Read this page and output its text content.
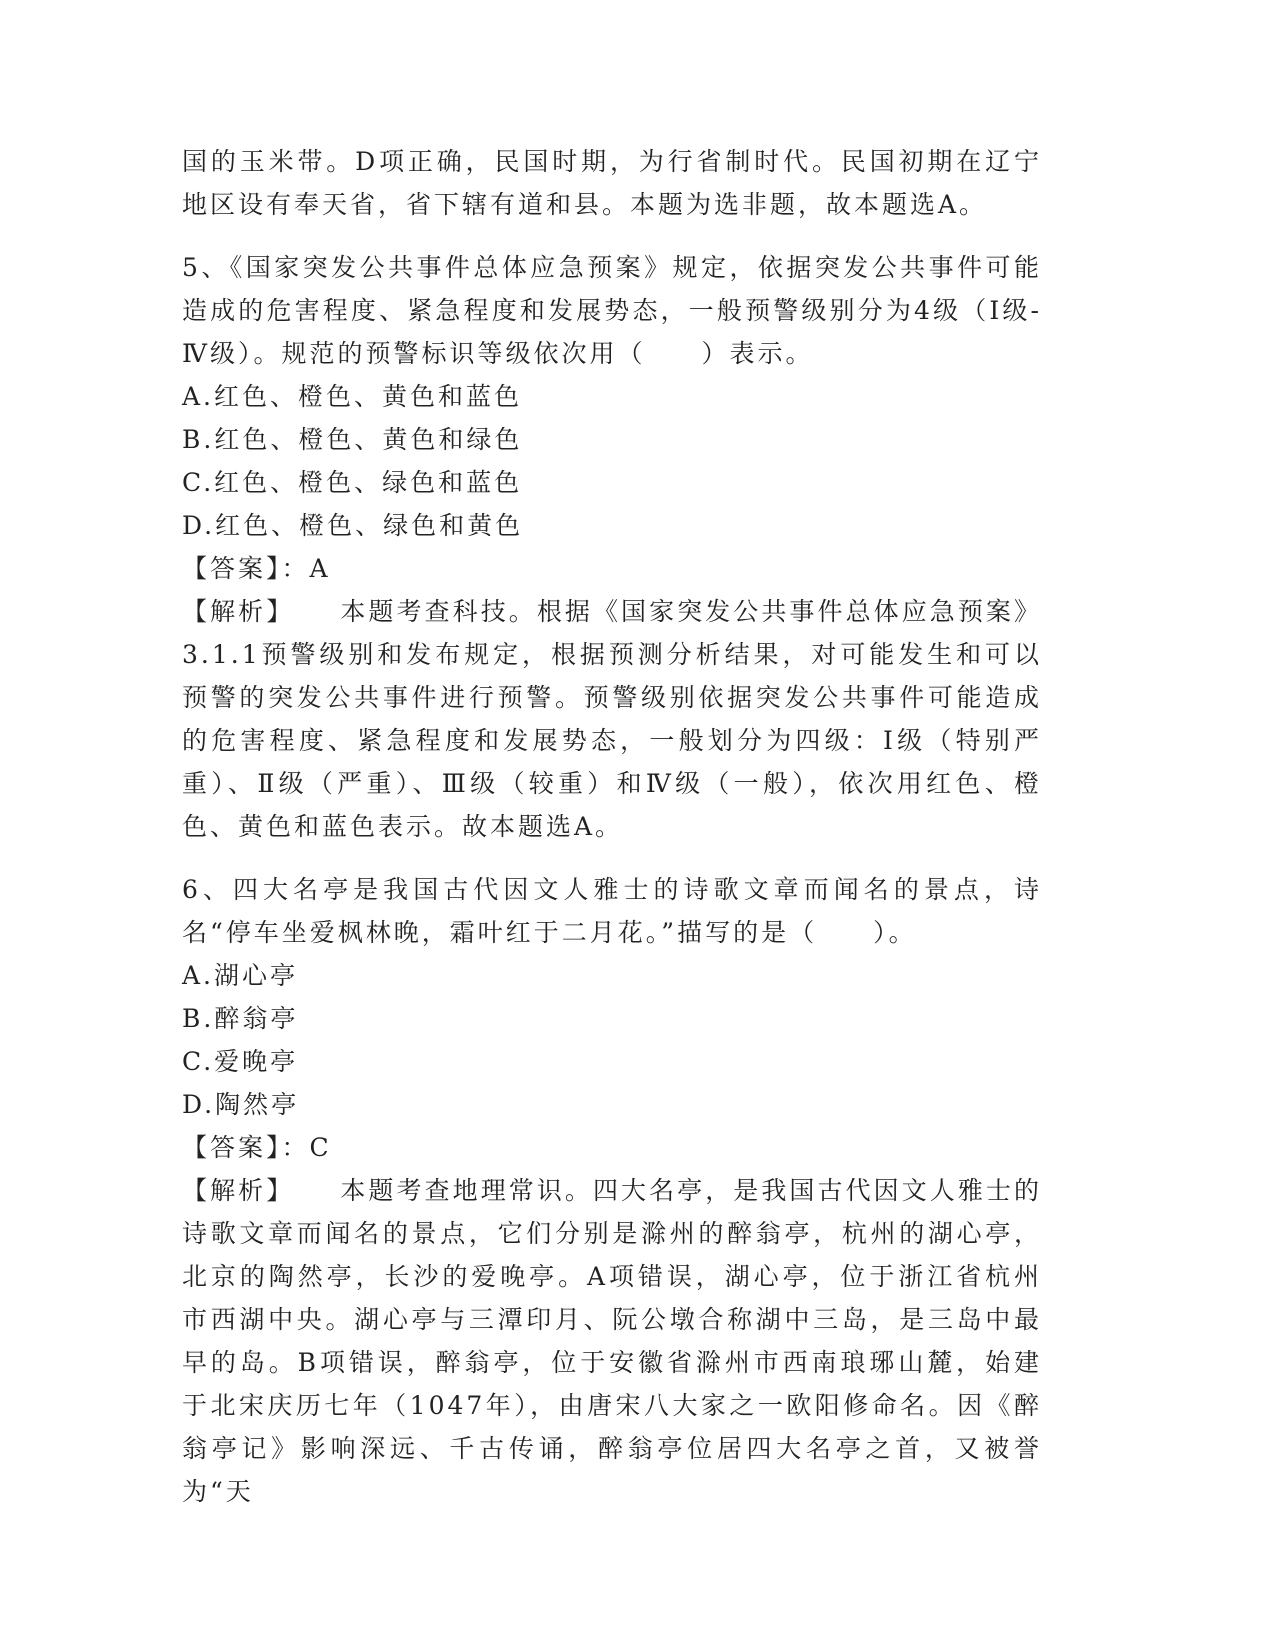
国的玉米带。D项正确，民国时期，为行省制时代。民国初期在辽宁地区设有奉天省，省下辖有道和县。本题为选非题，故本题选A。

5、《国家突发公共事件总体应急预案》规定，依据突发公共事件可能造成的危害程度、紧急程度和发展势态，一般预警级别分为4级（Ⅰ级-Ⅳ级）。规范的预警标识等级依次用（　　）表示。

A.红色、橙色、黄色和蓝色

B.红色、橙色、黄色和绿色

C.红色、橙色、绿色和蓝色

D.红色、橙色、绿色和黄色

【答案】：A

【解析】 本题考查科技。根据《国家突发公共事件总体应急预案》3.1.1预警级别和发布规定，根据预测分析结果，对可能发生和可以预警的突发公共事件进行预警。预警级别依据突发公共事件可能造成的危害程度、紧急程度和发展势态，一般划分为四级：Ⅰ级（特别严重）、Ⅱ级（严重）、Ⅲ级（较重）和Ⅳ级（一般），依次用红色、橙色、黄色和蓝色表示。故本题选A。

6、四大名亭是我国古代因文人雅士的诗歌文章而闻名的景点，诗名“停车坐爱枫林晚，霜叶红于二月花。”描写的是（　　）。

A.湖心亭

B.醉翁亭

C.爱晚亭

D.陶然亭

【答案】：C

【解析】 本题考查地理常识。四大名亭，是我国古代因文人雅士的诗歌文章而闻名的景点，它们分别是滁州的醉翁亭，杭州的湖心亭，北京的陶然亭，长沙的爱晚亭。A项错误，湖心亭，位于浙江省杭州市西湖中央。湖心亭与三潭印月、阮公墩合称湖中三岛，是三岛中最早的岛。B项错误，醉翁亭，位于安徽省滁州市西南琅琊山麓，始建于北宋庆历七年（1047年），由唐宋八大家之一欧阳修命名。因《醉翁亭记》影响深远、千古传诵，醉翁亭位居四大名亭之首，又被誉为“天
